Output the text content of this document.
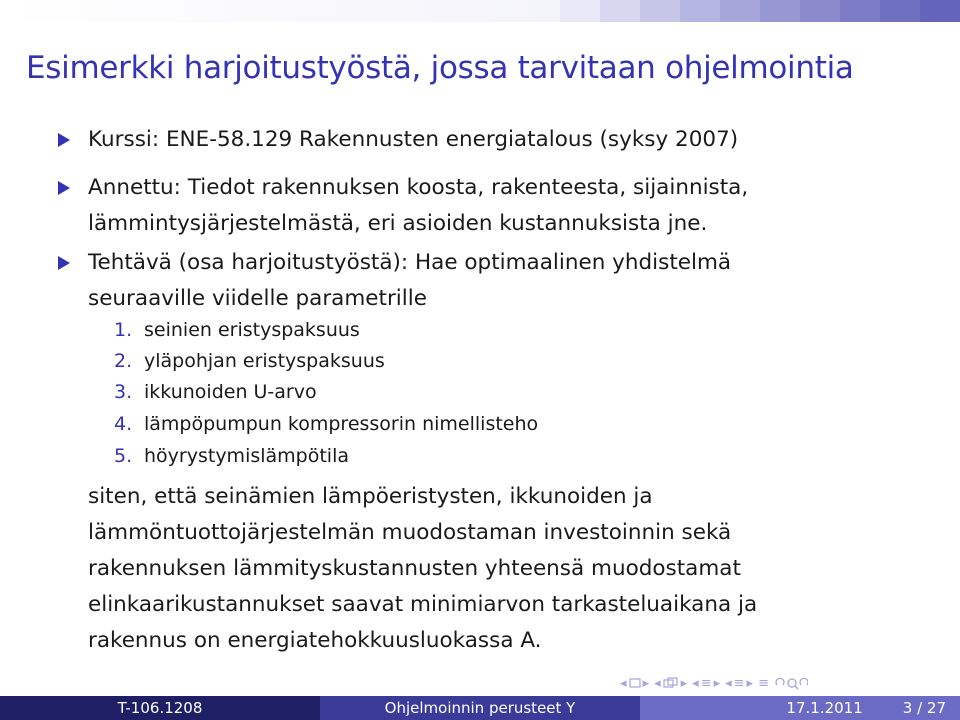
Esimerkki harjoitustyöstä, jossa tarvitaan ohjelmointia
Kurssi: ENE-58.129 Rakennusten energiatalous (syksy 2007)
Annettu: Tiedot rakennuksen koosta, rakenteesta, sijainnista,
lämmintysjärjestelmästä, eri asioiden kustannuksista jne.
Tehtävä (osa harjoitustyöstä): Hae optimaalinen yhdistelmä
seuraaville viidelle parametrille
1. seinien eristyspaksuus
2. yläpohjan eristyspaksuus
3. ikkunoiden U-arvo
4. lämpöpumpun kompressorin nimellisteho
5. höyrystymislämpötila
siten, että seinämien lämpöeristysten, ikkunoiden ja
lämmöntuottojärjestelmän muodostaman investoinnin sekä
rakennuksen lämmityskustannusten yhteensä muodostamat
elinkaarikustannukset saavat minimiarvon tarkasteluaikana ja
rakennus on energiatehokkuusluokassa A.
◂ ▸ ◂ ▸ ◂ ≡ ▸ ◂ ≡ ▸ ≡
T-106.1208	Ohjelmoinnin perusteet Y	17.1.2011	3 / 27
